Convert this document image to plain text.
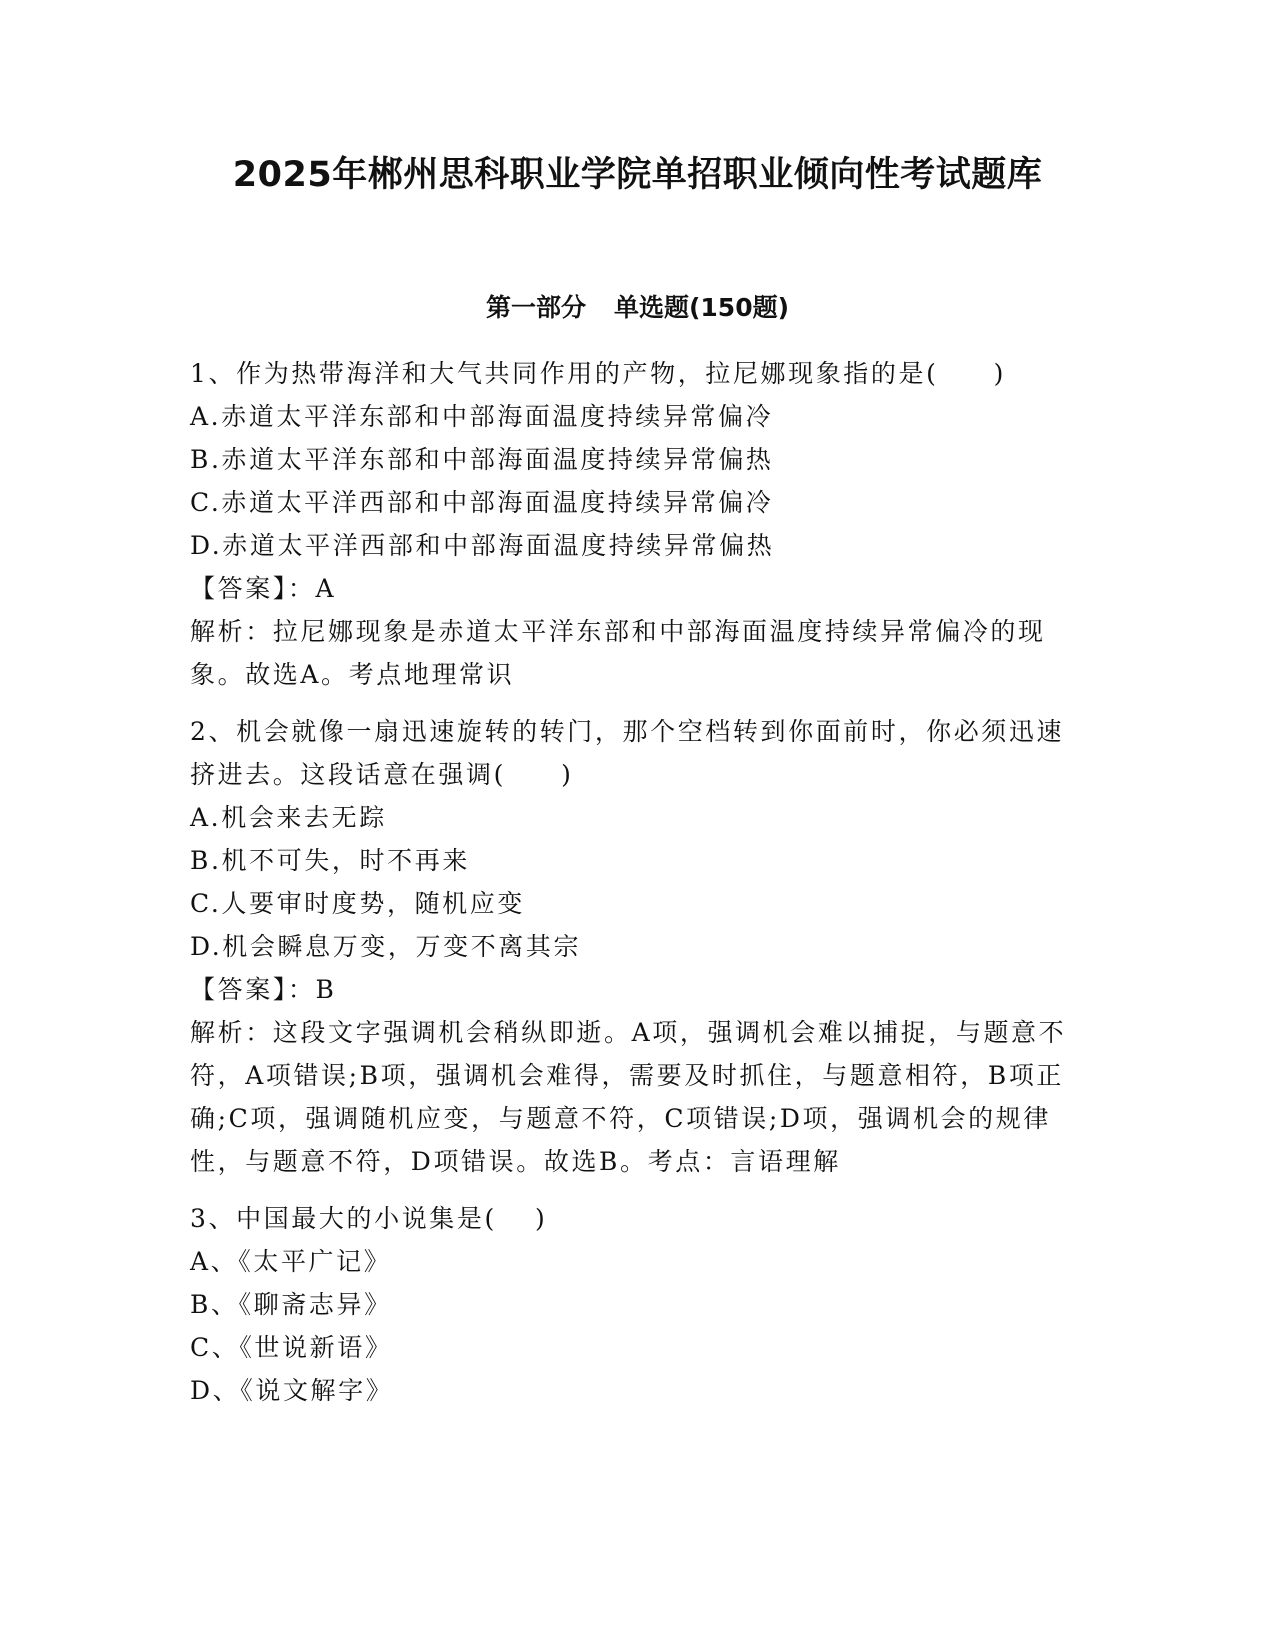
2025年郴州思科职业学院单招职业倾向性考试题库
第一部分 单选题(150题)

1、作为热带海洋和大气共同作用的产物，拉尼娜现象指的是(　　)

A.赤道太平洋东部和中部海面温度持续异常偏冷

B.赤道太平洋东部和中部海面温度持续异常偏热

C.赤道太平洋西部和中部海面温度持续异常偏冷

D.赤道太平洋西部和中部海面温度持续异常偏热

【答案】：A

解析：拉尼娜现象是赤道太平洋东部和中部海面温度持续异常偏冷的现象。故选A。考点地理常识

2、机会就像一扇迅速旋转的转门，那个空档转到你面前时，你必须迅速挤进去。这段话意在强调(　　)

A.机会来去无踪

B.机不可失，时不再来

C.人要审时度势，随机应变

D.机会瞬息万变，万变不离其宗

【答案】：B

解析：这段文字强调机会稍纵即逝。A项，强调机会难以捕捉，与题意不符，A项错误;B项，强调机会难得，需要及时抓住，与题意相符，B项正确;C项，强调随机应变，与题意不符，C项错误;D项，强调机会的规律性，与题意不符，D项错误。故选B。考点：言语理解

3、中国最大的小说集是(　 )

A、《太平广记》

B、《聊斋志异》

C、《世说新语》

D、《说文解字》
